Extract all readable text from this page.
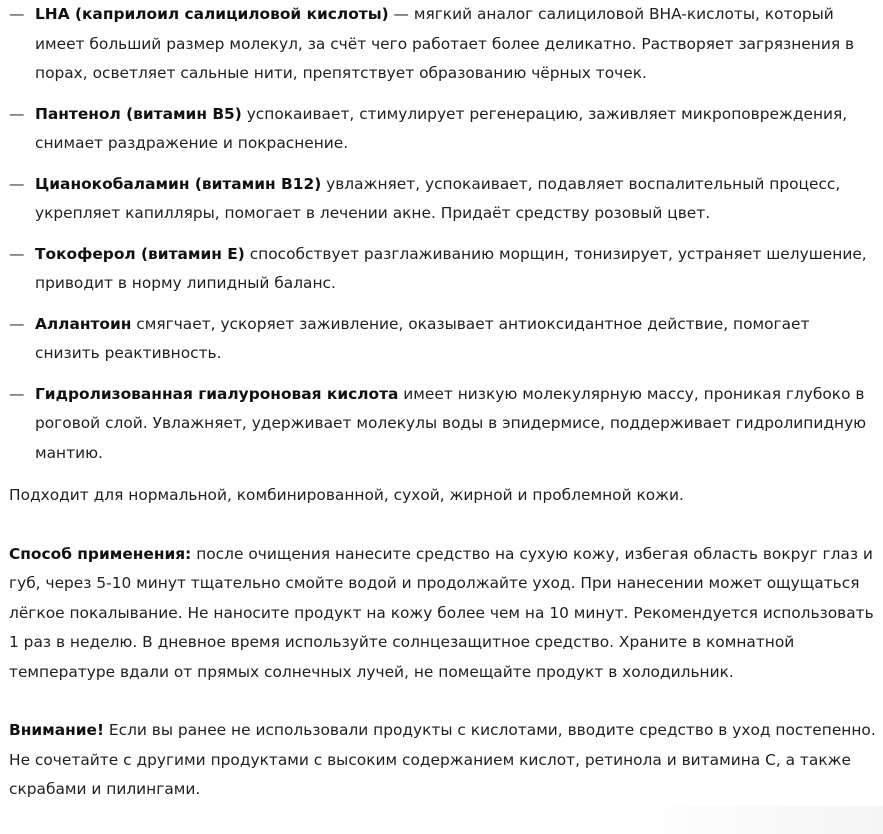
— LHA (каприлоил салициловой кислоты) — мягкий аналог салициловой BHA-кислоты, который имеет больший размер молекул, за счёт чего работает более деликатно. Растворяет загрязнения в порах, осветляет сальные нити, препятствует образованию чёрных точек.
— Пантенол (витамин B5) успокаивает, стимулирует регенерацию, заживляет микроповреждения, снимает раздражение и покраснение.
— Цианокобаламин (витамин B12) увлажняет, успокаивает, подавляет воспалительный процесс, укрепляет капилляры, помогает в лечении акне. Придаёт средству розовый цвет.
— Токоферол (витамин E) способствует разглаживанию морщин, тонизирует, устраняет шелушение, приводит в норму липидный баланс.
— Аллантоин смягчает, ускоряет заживление, оказывает антиоксидантное действие, помогает снизить реактивность.
— Гидролизованная гиалуроновая кислота имеет низкую молекулярную массу, проникая глубоко в роговой слой. Увлажняет, удерживает молекулы воды в эпидермисе, поддерживает гидролипидную мантию.

Подходит для нормальной, комбинированной, сухой, жирной и проблемной кожи.

Способ применения: после очищения нанесите средство на сухую кожу, избегая область вокруг глаз и губ, через 5-10 минут тщательно смойте водой и продолжайте уход. При нанесении может ощущаться лёгкое покалывание. Не наносите продукт на кожу более чем на 10 минут. Рекомендуется использовать 1 раз в неделю. В дневное время используйте солнцезащитное средство. Храните в комнатной температуре вдали от прямых солнечных лучей, не помещайте продукт в холодильник.

Внимание! Если вы ранее не использовали продукты с кислотами, вводите средство в уход постепенно. Не сочетайте с другими продуктами с высоким содержанием кислот, ретинола и витамина С, а также скрабами и пилингами.
